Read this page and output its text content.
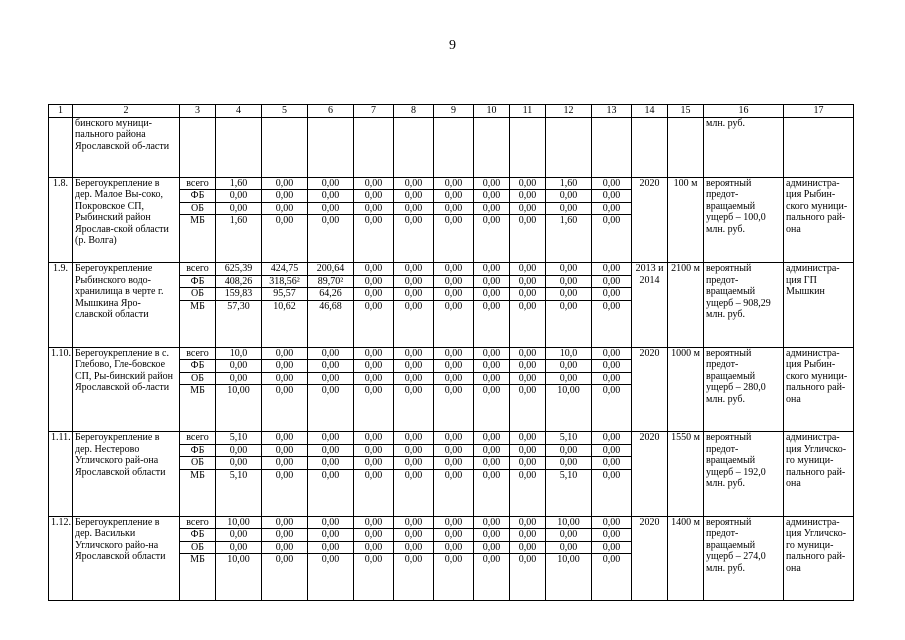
9
1	2	3	4	5	6	7	8	9	10	11	12	13	14	15	16	17
	бинского муници-пального района Ярославской об-ласти														млн. руб.	
1.8.	Берегоукрепление в дер. Малое Вы-соко, Покровское СП, Рыбинский район Ярослав-ской области (р. Волга)	всего	1,60	0,00	0,00	0,00	0,00	0,00	0,00	0,00	1,60	0,00	2020	100 м	вероятный предот-вращаемый ущерб – 100,0 млн. руб.	администра-ция Рыбин-ского муници-пального рай-она
		ФБ	0,00	0,00	0,00	0,00	0,00	0,00	0,00	0,00	0,00	0,00				
		ОБ	0,00	0,00	0,00	0,00	0,00	0,00	0,00	0,00	0,00	0,00				
		МБ	1,60	0,00	0,00	0,00	0,00	0,00	0,00	0,00	1,60	0,00				
1.9.	Берегоукрепление Рыбинского водо-хранилища в черте г. Мышкина Яро-славской области	всего	625,39	424,75	200,64	0,00	0,00	0,00	0,00	0,00	0,00	0,00	2013 и 2014	2100 м	вероятный предот-вращаемый ущерб – 908,29 млн. руб.	администра-ция ГП Мышкин
		ФБ	408,26	318,56²	89,70²	0,00	0,00	0,00	0,00	0,00	0,00	0,00				
		ОБ	159,83	95,57	64,26	0,00	0,00	0,00	0,00	0,00	0,00	0,00				
		МБ	57,30	10,62	46,68	0,00	0,00	0,00	0,00	0,00	0,00	0,00				
1.10.	Берегоукрепление в с. Глебово, Гле-бовское СП, Ры-бинский район Ярославской об-ласти	всего	10,0	0,00	0,00	0,00	0,00	0,00	0,00	0,00	10,0	0,00	2020	1000 м	вероятный предот-вращаемый ущерб – 280,0 млн. руб.	администра-ция Рыбин-ского муници-пального рай-она
		ФБ	0,00	0,00	0,00	0,00	0,00	0,00	0,00	0,00	0,00	0,00				
		ОБ	0,00	0,00	0,00	0,00	0,00	0,00	0,00	0,00	0,00	0,00				
		МБ	10,00	0,00	0,00	0,00	0,00	0,00	0,00	0,00	10,00	0,00				
1.11.	Берегоукрепление в дер. Нестерово Угличского рай-она Ярославской области	всего	5,10	0,00	0,00	0,00	0,00	0,00	0,00	0,00	5,10	0,00	2020	1550 м	вероятный предот-вращаемый ущерб – 192,0 млн. руб.	администра-ция Угличско-го муници-пального рай-она
		ФБ	0,00	0,00	0,00	0,00	0,00	0,00	0,00	0,00	0,00	0,00				
		ОБ	0,00	0,00	0,00	0,00	0,00	0,00	0,00	0,00	0,00	0,00				
		МБ	5,10	0,00	0,00	0,00	0,00	0,00	0,00	0,00	5,10	0,00				
1.12.	Берегоукрепление в дер. Васильки Угличского райо-на Ярославской области	всего	10,00	0,00	0,00	0,00	0,00	0,00	0,00	0,00	10,00	0,00	2020	1400 м	вероятный предот-вращаемый ущерб – 274,0 млн. руб.	администра-ция Угличско-го муници-пального рай-она
		ФБ	0,00	0,00	0,00	0,00	0,00	0,00	0,00	0,00	0,00	0,00				
		ОБ	0,00	0,00	0,00	0,00	0,00	0,00	0,00	0,00	0,00	0,00				
		МБ	10,00	0,00	0,00	0,00	0,00	0,00	0,00	0,00	10,00	0,00				
